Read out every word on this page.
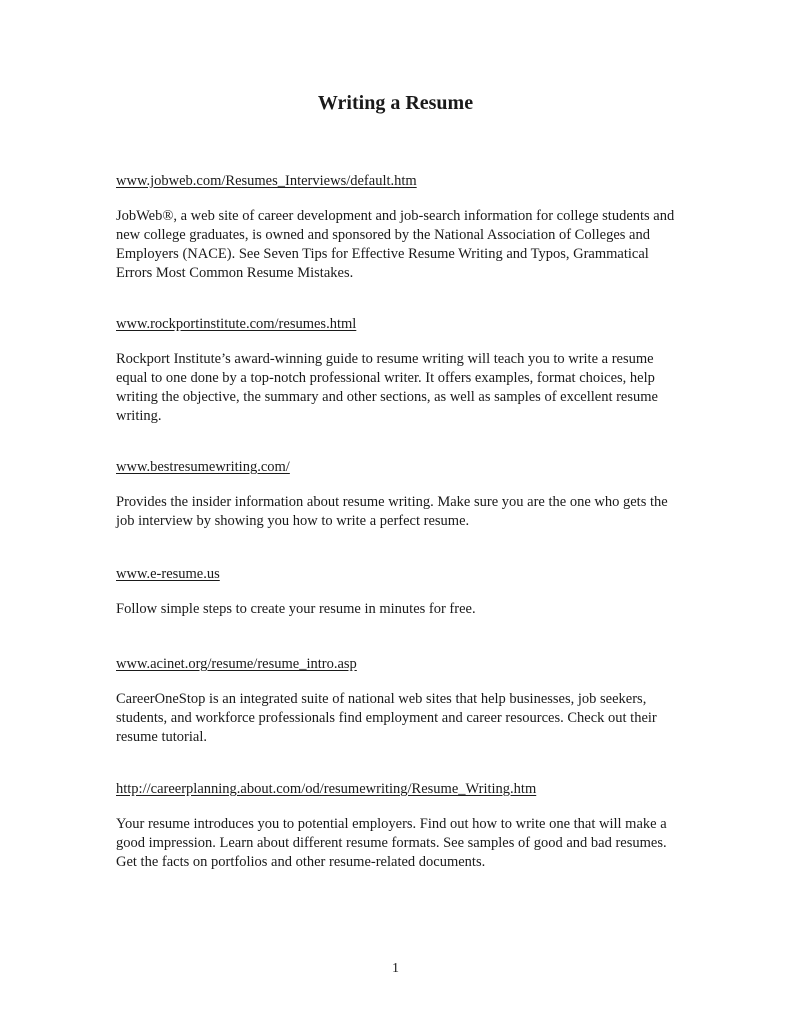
Writing a Resume
www.jobweb.com/Resumes_Interviews/default.htm

JobWeb®, a web site of career development and job-search information for college students and new college graduates, is owned and sponsored by the National Association of Colleges and Employers (NACE). See Seven Tips for Effective Resume Writing and Typos, Grammatical Errors Most Common Resume Mistakes.

www.rockportinstitute.com/resumes.html

Rockport Institute’s award-winning guide to resume writing will teach you to write a resume equal to one done by a top-notch professional writer. It offers examples, format choices, help writing the objective, the summary and other sections, as well as samples of excellent resume writing.

www.bestresumewriting.com/

Provides the insider information about resume writing. Make sure you are the one who gets the job interview by showing you how to write a perfect resume.

www.e-resume.us

Follow simple steps to create your resume in minutes for free.

www.acinet.org/resume/resume_intro.asp

CareerOneStop is an integrated suite of national web sites that help businesses, job seekers, students, and workforce professionals find employment and career resources. Check out their resume tutorial.

http://careerplanning.about.com/od/resumewriting/Resume_Writing.htm

Your resume introduces you to potential employers. Find out how to write one that will make a good impression. Learn about different resume formats. See samples of good and bad resumes. Get the facts on portfolios and other resume-related documents.

1
